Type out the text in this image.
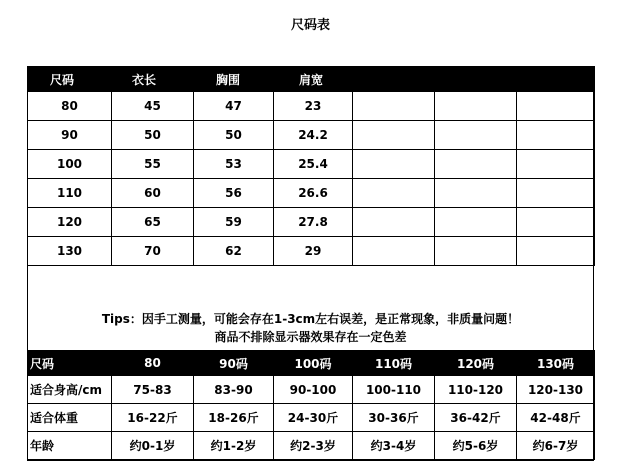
尺码表
尺码	衣长	胸围	肩宽			
80	45	47	23			
90	50	50	24.2			
100	55	53	25.4			
110	60	56	26.6			
120	65	59	27.8			
130	70	62	29			
Tips：因手工测量，可能会存在1-3cm左右误差，是正常现象，非质量问题！
商品不排除显示器效果存在一定色差
尺码	80	90码	100码	110码	120码	130码
适合身高/cm	75-83	83-90	90-100	100-110	110-120	120-130
适合体重	16-22斤	18-26斤	24-30斤	30-36斤	36-42斤	42-48斤
年龄	约0-1岁	约1-2岁	约2-3岁	约3-4岁	约5-6岁	约6-7岁
